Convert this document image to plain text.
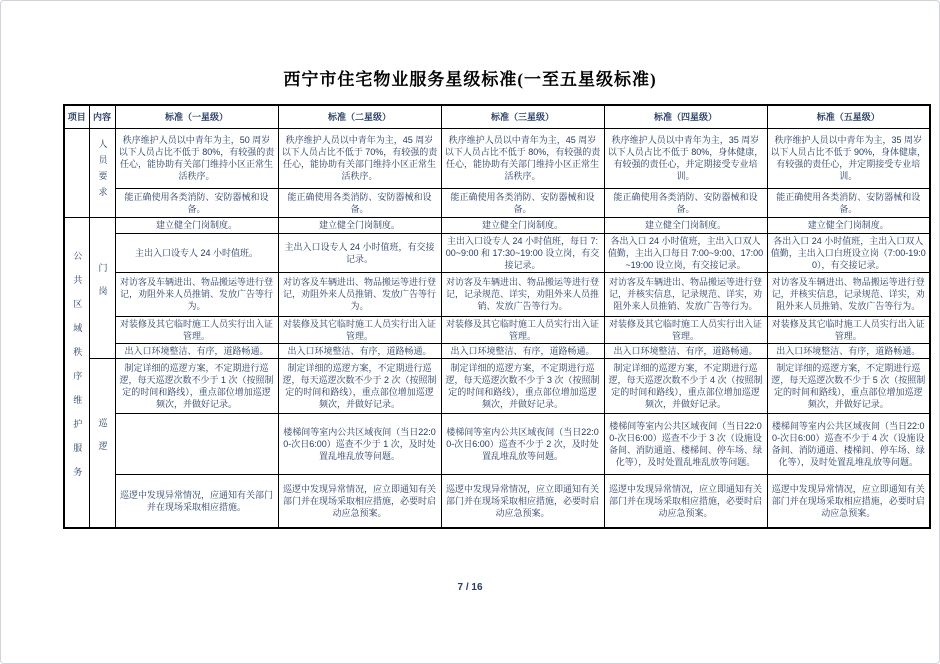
西宁市住宅物业服务星级标准(一至五星级标准)
项目	内容	标准（一星级）	标准（二星级）	标准（三星级）	标准（四星级）	标准（五星级）
	人员要求	秩序维护人员以中青年为主，50 周岁以下人员占比不低于 80%，有较强的责任心，能协助有关部门维持小区正常生活秩序。	秩序维护人员以中青年为主，45 周岁以下人员占比不低于 70%，有较强的责任心，能协助有关部门维持小区正常生活秩序。	秩序维护人员以中青年为主，45 周岁以下人员占比不低于 80%，有较强的责任心，能协助有关部门维持小区正常生活秩序。	秩序维护人员以中青年为主，35 周岁以下人员占比不低于 80%，身体健康，有较强的责任心，并定期接受专业培训。	秩序维护人员以中青年为主，35 周岁以下人员占比不低于 90%，身体健康，有较强的责任心，并定期接受专业培训。
		能正确使用各类消防、安防器械和设备。	能正确使用各类消防、安防器械和设备。	能正确使用各类消防、安防器械和设备。	能正确使用各类消防、安防器械和设备。	能正确使用各类消防、安防器械和设备。
公共区域秩序维护服务	门岗	建立健全门岗制度。	建立健全门岗制度。	建立健全门岗制度。	建立健全门岗制度。	建立健全门岗制度。
		主出入口设专人 24 小时值班。	主出入口设专人 24 小时值班，有交接记录。	主出入口设专人 24 小时值班，每日 7:00~9:00 和 17:30~19:00 设立岗，有交接记录。	各出入口 24 小时值班，主出入口双人值勤，主出入口每日 7:00~9:00、17:00~19:00 设立岗，有交接记录。	各出入口 24 小时值班，主出入口双人值勤，主出入口白班设立岗（7:00-19:00），有交接记录。
		对访客及车辆进出、物品搬运等进行登记，劝阻外来人员推销、发放广告等行为。	对访客及车辆进出、物品搬运等进行登记，劝阻外来人员推销、发放广告等行为。	对访客及车辆进出、物品搬运等进行登记，记录规范、详实，劝阻外来人员推销、发放广告等行为。	对访客及车辆进出、物品搬运等进行登记，并核实信息，记录规范、详实，劝阻外来人员推销、发放广告等行为。	对访客及车辆进出、物品搬运等进行登记，并核实信息，记录规范、详实，劝阻外来人员推销、发放广告等行为。
		对装修及其它临时施工人员实行出入证管理。	对装修及其它临时施工人员实行出入证管理。	对装修及其它临时施工人员实行出入证管理。	对装修及其它临时施工人员实行出入证管理。	对装修及其它临时施工人员实行出入证管理。
		出入口环境整洁、有序，道路畅通。	出入口环境整洁、有序，道路畅通。	出入口环境整洁、有序，道路畅通。	出入口环境整洁、有序，道路畅通。	出入口环境整洁、有序，道路畅通。
	巡逻	制定详细的巡逻方案，不定期进行巡逻，每天巡逻次数不少于 1 次（按照制定的时间和路线），重点部位增加巡逻频次，并做好记录。	制定详细的巡逻方案，不定期进行巡逻，每天巡逻次数不少于 2 次（按照制定的时间和路线），重点部位增加巡逻频次，并做好记录。	制定详细的巡逻方案，不定期进行巡逻，每天巡逻次数不少于 3 次（按照制定的时间和路线），重点部位增加巡逻频次，并做好记录。	制定详细的巡逻方案，不定期进行巡逻，每天巡逻次数不少于 4 次（按照制定的时间和路线），重点部位增加巡逻频次，并做好记录。	制定详细的巡逻方案，不定期进行巡逻，每天巡逻次数不少于 5 次（按照制定的时间和路线），重点部位增加巡逻频次，并做好记录。
			楼梯间等室内公共区域夜间（当日22:00-次日6:00）巡查不少于 1 次，及时处置乱堆乱放等问题。	楼梯间等室内公共区域夜间（当日22:00-次日6:00）巡查不少于 2 次，及时处置乱堆乱放等问题。	楼梯间等室内公共区域夜间（当日22:00-次日6:00）巡查不少于 3 次（设施设备间、消防通道、楼梯间、停车场、绿化等），及时处置乱堆乱放等问题。	楼梯间等室内公共区域夜间（当日22:00-次日6:00）巡查不少于 4 次（设施设备间、消防通道、楼梯间、停车场、绿化等），及时处置乱堆乱放等问题。
		巡逻中发现异常情况，应通知有关部门并在现场采取相应措施。	巡逻中发现异常情况，应立即通知有关部门并在现场采取相应措施，必要时启动应急预案。	巡逻中发现异常情况，应立即通知有关部门并在现场采取相应措施，必要时启动应急预案。	巡逻中发现异常情况，应立即通知有关部门并在现场采取相应措施，必要时启动应急预案。	巡逻中发现异常情况，应立即通知有关部门并在现场采取相应措施，必要时启动应急预案。
7 / 16
